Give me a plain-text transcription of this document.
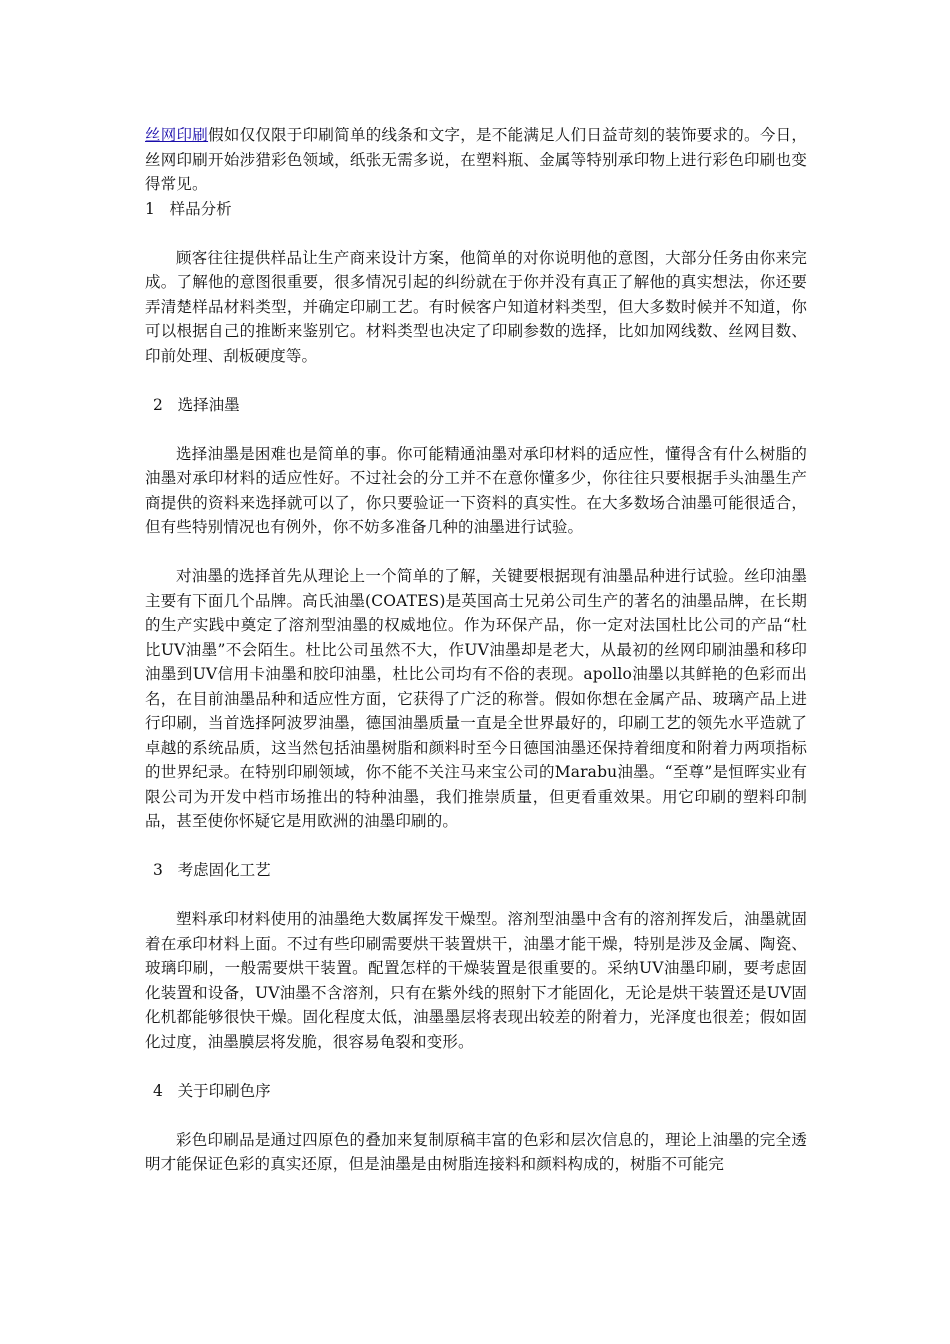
丝网印刷假如仅仅限于印刷简单的线条和文字，是不能满足人们日益苛刻的装饰要求的。今日，丝网印刷开始涉猎彩色领域，纸张无需多说，在塑料瓶、金属等特别承印物上进行彩色印刷也变得常见。

1   样品分析

顾客往往提供样品让生产商来设计方案，他简单的对你说明他的意图，大部分任务由你来完成。了解他的意图很重要，很多情况引起的纠纷就在于你并没有真正了解他的真实想法，你还要弄清楚样品材料类型，并确定印刷工艺。有时候客户知道材料类型，但大多数时候并不知道，你可以根据自己的推断来鉴别它。材料类型也决定了印刷参数的选择，比如加网线数、丝网目数、印前处理、刮板硬度等。

2   选择油墨

选择油墨是困难也是简单的事。你可能精通油墨对承印材料的适应性，懂得含有什么树脂的油墨对承印材料的适应性好。不过社会的分工并不在意你懂多少，你往往只要根据手头油墨生产商提供的资料来选择就可以了，你只要验证一下资料的真实性。在大多数场合油墨可能很适合，但有些特别情况也有例外，你不妨多准备几种的油墨进行试验。

对油墨的选择首先从理论上一个简单的了解，关键要根据现有油墨品种进行试验。丝印油墨主要有下面几个品牌。高氏油墨(COATES)是英国高士兄弟公司生产的著名的油墨品牌，在长期的生产实践中奠定了溶剂型油墨的权威地位。作为环保产品，你一定对法国杜比公司的产品“杜比UV油墨”不会陌生。杜比公司虽然不大，作UV油墨却是老大，从最初的丝网印刷油墨和移印油墨到UV信用卡油墨和胶印油墨，杜比公司均有不俗的表现。apollo油墨以其鲜艳的色彩而出名，在目前油墨品种和适应性方面，它获得了广泛的称誉。假如你想在金属产品、玻璃产品上进行印刷，当首选择阿波罗油墨，德国油墨质量一直是全世界最好的，印刷工艺的领先水平造就了卓越的系统品质，这当然包括油墨树脂和颜料时至今日德国油墨还保持着细度和附着力两项指标的世界纪录。在特别印刷领域，你不能不关注马来宝公司的Marabu油墨。“至尊”是恒晖实业有限公司为开发中档市场推出的特种油墨，我们推崇质量，但更看重效果。用它印刷的塑料印制品，甚至使你怀疑它是用欧洲的油墨印刷的。

3   考虑固化工艺

塑料承印材料使用的油墨绝大数属挥发干燥型。溶剂型油墨中含有的溶剂挥发后，油墨就固着在承印材料上面。不过有些印刷需要烘干装置烘干，油墨才能干燥，特别是涉及金属、陶瓷、玻璃印刷，一般需要烘干装置。配置怎样的干燥装置是很重要的。采纳UV油墨印刷，要考虑固化装置和设备，UV油墨不含溶剂，只有在紫外线的照射下才能固化，无论是烘干装置还是UV固化机都能够很快干燥。固化程度太低，油墨墨层将表现出较差的附着力，光泽度也很差；假如固化过度，油墨膜层将发脆，很容易龟裂和变形。

4   关于印刷色序

彩色印刷品是通过四原色的叠加来复制原稿丰富的色彩和层次信息的，理论上油墨的完全透明才能保证色彩的真实还原，但是油墨是由树脂连接料和颜料构成的，树脂不可能完
